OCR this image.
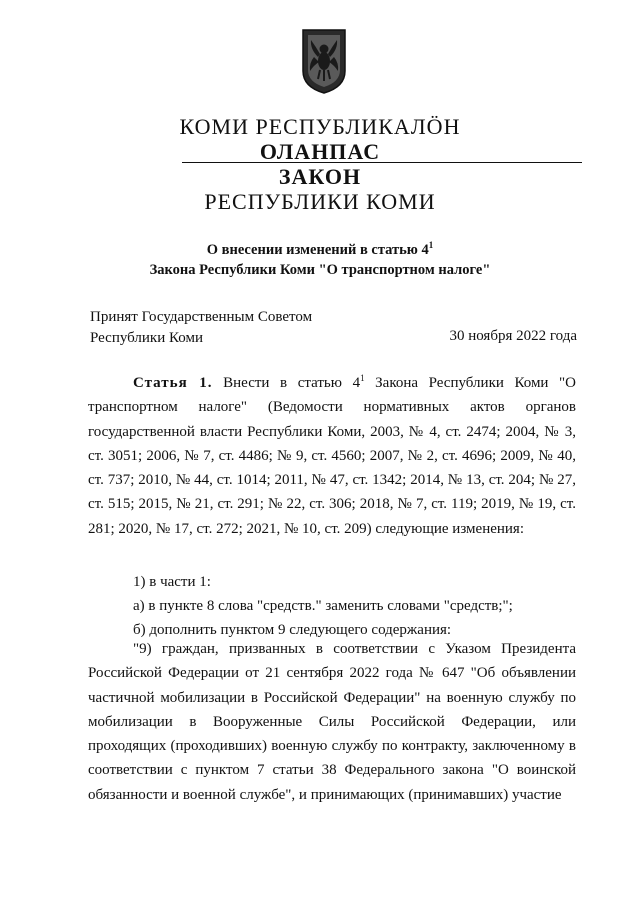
КОМИ РЕСПУБЛИКАЛÖН
ОЛАНПАС
ЗАКОН
РЕСПУБЛИКИ КОМИ
О внесении изменений в статью $4^1$
Закона Республики Коми "О транспортном налоге"
Принят Государственным Советом
Республики Коми	30 ноября 2022 года
Статья 1. Внести в статью $4^1$ Закона Республики Коми "О транспортном налоге" (Ведомости нормативных актов органов государственной власти Республики Коми, 2003, № 4, ст. 2474; 2004, № 3, ст. 3051; 2006, № 7, ст. 4486; № 9, ст. 4560; 2007, № 2, ст. 4696; 2009, № 40, ст. 737; 2010, № 44, ст. 1014; 2011, № 47, ст. 1342; 2014, № 13, ст. 204; № 27, ст. 515; 2015, № 21, ст. 291; № 22, ст. 306; 2018, № 7, ст. 119; 2019, № 19, ст. 281; 2020, № 17, ст. 272; 2021, № 10, ст. 209) следующие изменения:
1) в части 1:
а) в пункте 8 слова "средств." заменить словами "средств;";
б) дополнить пунктом 9 следующего содержания:
"9) граждан, призванных в соответствии с Указом Президента Российской Федерации от 21 сентября 2022 года № 647 "Об объявлении частичной мобилизации в Российской Федерации" на военную службу по мобилизации в Вооруженные Силы Российской Федерации, или проходящих (проходивших) военную службу по контракту, заключенному в соответствии с пунктом 7 статьи 38 Федерального закона "О воинской обязанности и военной службе", и принимающих (принимавших) участие
